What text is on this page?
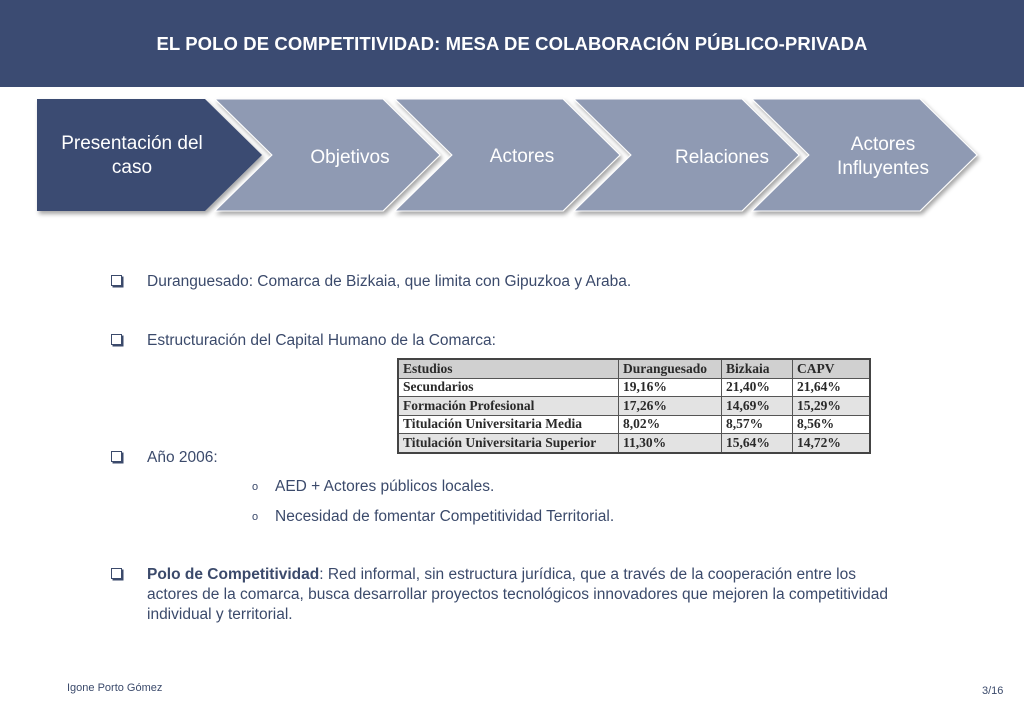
EL POLO DE COMPETITIVIDAD: MESA DE COLABORACIÓN PÚBLICO-PRIVADA
Presentación del
caso	Objetivos	Actores	Relaciones
Actores
Influyentes
Duranguesado: Comarca de Bizkaia, que limita con Gipuzkoa y Araba.
Estructuración del Capital Humano de la Comarca:
Estudios	Duranguesado	Bizkaia	CAPV
Secundarios	19,16%	21,40%	21,64%
Formación Profesional	17,26%	14,69%	15,29%
Titulación Universitaria Media	8,02%	8,57%	8,56%
Titulación Universitaria Superior	11,30%	15,64%	14,72%
Año 2006:
o AED + Actores públicos locales.
o Necesidad de fomentar Competitividad Territorial.
Polo de Competitividad: Red informal, sin estructura jurídica, que a través de la cooperación entre los
actores de la comarca, busca desarrollar proyectos tecnológicos innovadores que mejoren la competitividad
individual y territorial.
Igone Porto Gómez	3/16
